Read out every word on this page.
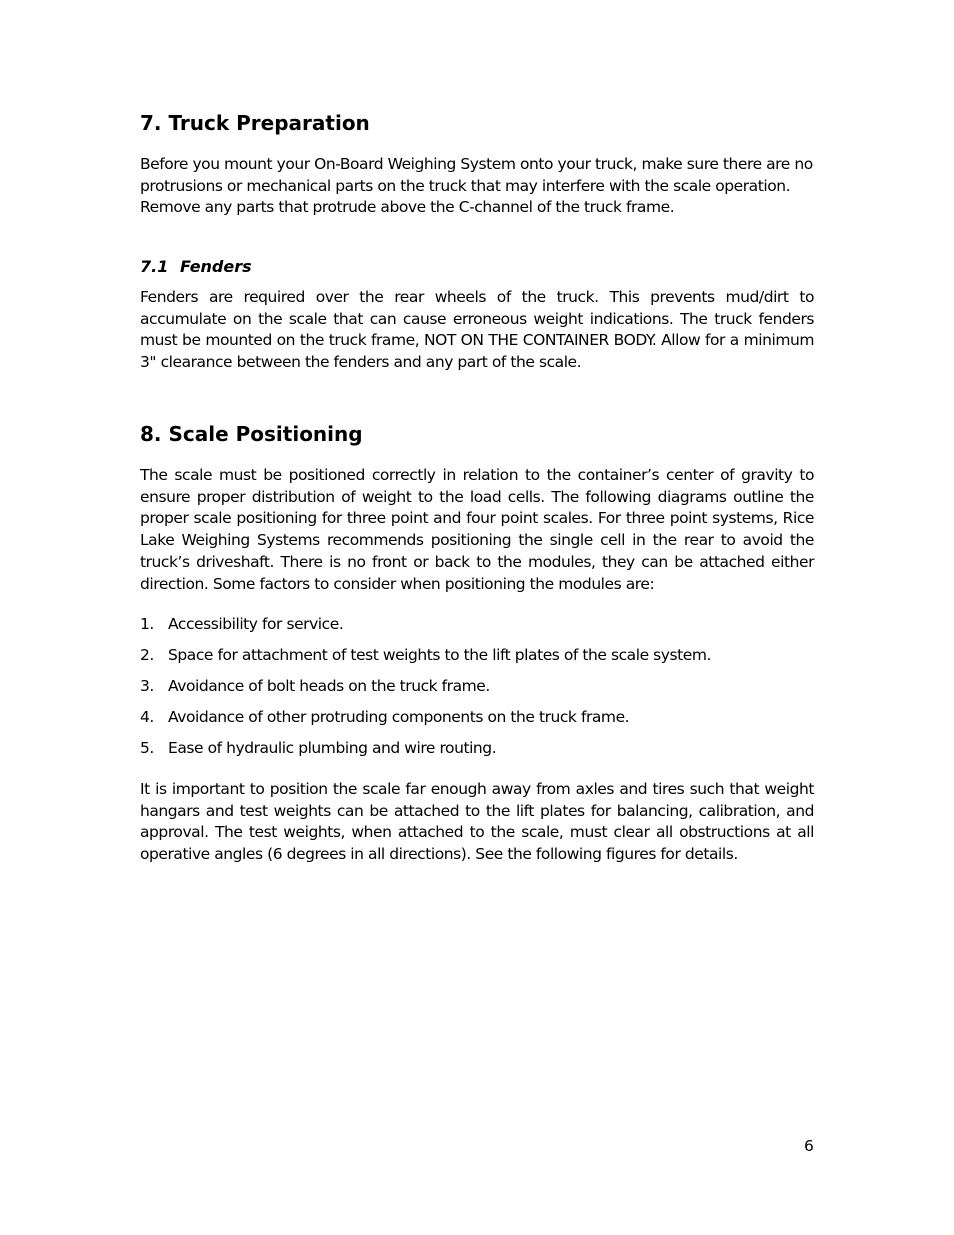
7. Truck Preparation

Before you mount your On-Board Weighing System onto your truck, make sure there are no protrusions or mechanical parts on the truck that may interfere with the scale operation. Remove any parts that protrude above the C-channel of the truck frame.

7.1 Fenders

Fenders are required over the rear wheels of the truck. This prevents mud/dirt to accumulate on the scale that can cause erroneous weight indications. The truck fenders must be mounted on the truck frame, NOT ON THE CONTAINER BODY. Allow for a minimum 3" clearance between the fenders and any part of the scale.

8. Scale Positioning

The scale must be positioned correctly in relation to the container’s center of gravity to ensure proper distribution of weight to the load cells. The following diagrams outline the proper scale positioning for three point and four point scales. For three point systems, Rice Lake Weighing Systems recommends positioning the single cell in the rear to avoid the truck’s driveshaft. There is no front or back to the modules, they can be attached either direction. Some factors to consider when positioning the modules are:

1. Accessibility for service.
2. Space for attachment of test weights to the lift plates of the scale system.
3. Avoidance of bolt heads on the truck frame.
4. Avoidance of other protruding components on the truck frame.
5. Ease of hydraulic plumbing and wire routing.

It is important to position the scale far enough away from axles and tires such that weight hangars and test weights can be attached to the lift plates for balancing, calibration, and approval. The test weights, when attached to the scale, must clear all obstructions at all operative angles (6 degrees in all directions). See the following figures for details.

6
